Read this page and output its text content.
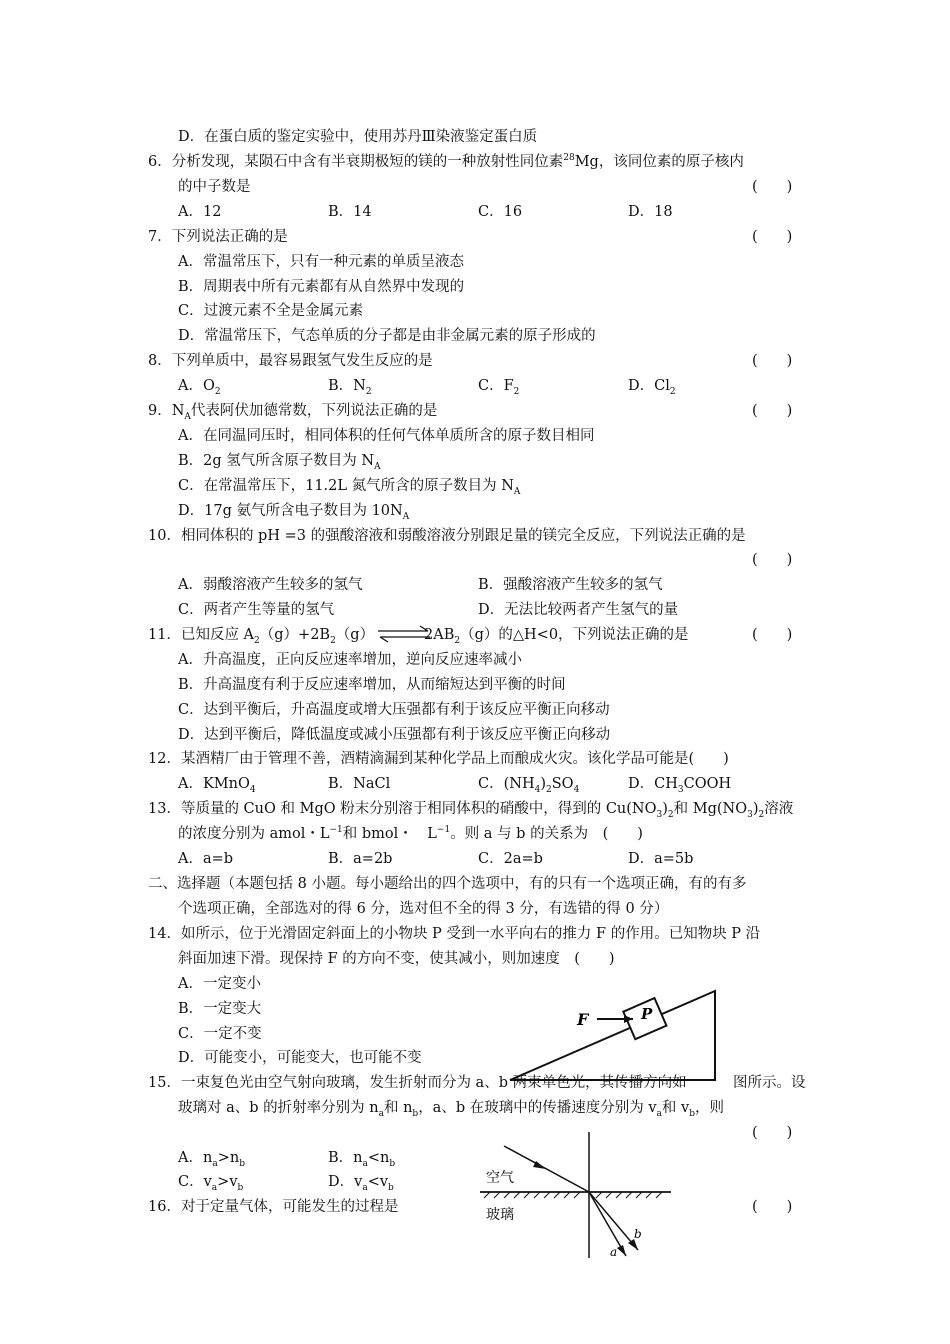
D．在蛋白质的鉴定实验中，使用苏丹Ⅲ染液鉴定蛋白质
6．分析发现，某陨石中含有半衰期极短的镁的一种放射性同位素$^{28}$Mg，该同位素的原子核内
的中子数是	(　　)
A．12	B．14	C．16	D．18
7．下列说法正确的是	(　　)
A．常温常压下，只有一种元素的单质呈液态
B．周期表中所有元素都有从自然界中发现的
C．过渡元素不全是金属元素
D．常温常压下，气态单质的分子都是由非金属元素的原子形成的
8．下列单质中，最容易跟氢气发生反应的是	(　　)
A．$O_2$	B．$N_2$	C．$F_2$	D．$Cl_2$
9．$N_A$代表阿伏加德常数，下列说法正确的是	(　　)
A．在同温同压时，相同体积的任何气体单质所含的原子数目相同
B．2g 氢气所含原子数目为 $N_A$
C．在常温常压下，11.2L 氮气所含的原子数目为 $N_A$
D．17g 氨气所含电子数目为 $10N_A$
10．相同体积的 pH =3 的强酸溶液和弱酸溶液分别跟足量的镁完全反应，下列说法正确的是
(　　)
A．弱酸溶液产生较多的氢气	B．强酸溶液产生较多的氢气
C．两者产生等量的氢气	D．无法比较两者产生氢气的量
11．已知反应 $A_2(g)+2B_2(g)$ ⇌
$2AB_2(g)$的△H<0，下列说法正确的是	(　　)
A．升高温度，正向反应速率增加，逆向反应速率减小
B．升高温度有利于反应速率增加，从而缩短达到平衡的时间
C．达到平衡后，升高温度或增大压强都有利于该反应平衡正向移动
D．达到平衡后，降低温度或减小压强都有利于该反应平衡正向移动
12．某酒精厂由于管理不善，酒精滴漏到某种化学品上而酿成火灾。该化学品可能是(　　)
A．KMnO$_4$	B．NaCl	C．$(NH_4)_2SO_4$	D．$CH_3COOH$
13．等质量的 CuO 和 MgO 粉末分别溶于相同体积的硝酸中，得到的 $Cu(NO_3)_2$和 $Mg(NO_3)_2$溶液
的浓度分别为 amol・$L^{-1}$和 bmol・　$L^{-1}$。则 a 与 b 的关系为　(　　)
A．a=b	B．a=2b	C．2a=b	D．a=5b
二、选择题（本题包括 8 小题。每小题给出的四个选项中，有的只有一个选项正确，有的有多
个选项正确，全部选对的得 6 分，选对但不全的得 3 分，有选错的得 0 分）
14．如所示，位于光滑固定斜面上的小物块 P 受到一水平向右的推力 F 的作用。已知物块 P 沿
斜面加速下滑。现保持 F 的方向不变，使其减小，则加速度　(　　)
A．一定变小
B．一定变大
C．一定不变
D．可能变小，可能变大，也可能不变
P
F
15．一束复色光由空气射向玻璃，发生折射而分为 a、b 两束单色光，其传播方向如	图所示。设
玻璃对 a、b 的折射率分别为 $n_a$和 $n_b$，a、b 在玻璃中的传播速度分别为 $v_a$和 $v_b$，则
(　　)
A．$n_a>n_b$	B．$n_a<n_b$
C．$v_a>v_b$	D．$v_a<v_b$
空气
玻璃
a
b
16．对于定量气体，可能发生的过程是	(　　)
